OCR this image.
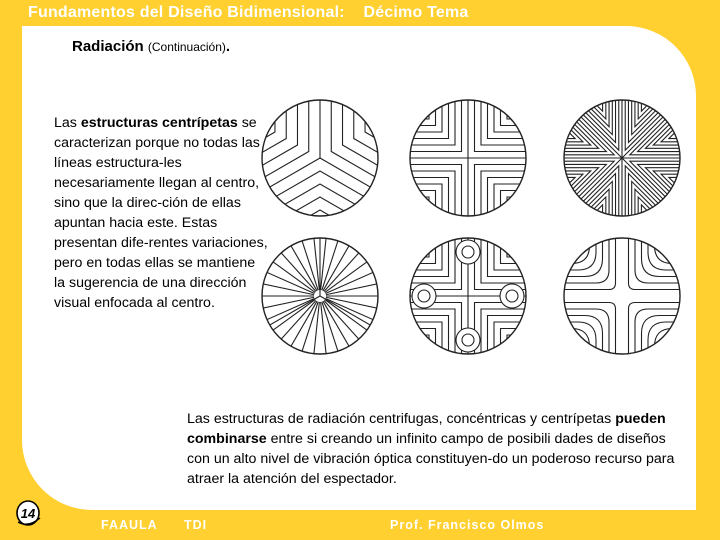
Fundamentos del Diseño Bidimensional: Décimo Tema
Radiación (Continuación).
Las estructuras centrípetas se caracterizan porque no todas las líneas estructura-les necesariamente llegan al centro, sino que la direc-ción de ellas apuntan hacia este. Estas presentan dife-rentes variaciones, pero en todas ellas se mantiene la sugerencia de una dirección visual enfocada al centro.
Las estructuras de radiación centrifugas, concéntricas y centrípetas pueden combinarse entre si creando un infinito campo de posibili dades de diseños con un alto nivel de vibración óptica constituyen-do un poderoso recurso para atraer la atención del espectador.
14
FAAULA TDI	Prof. Francisco Olmos
